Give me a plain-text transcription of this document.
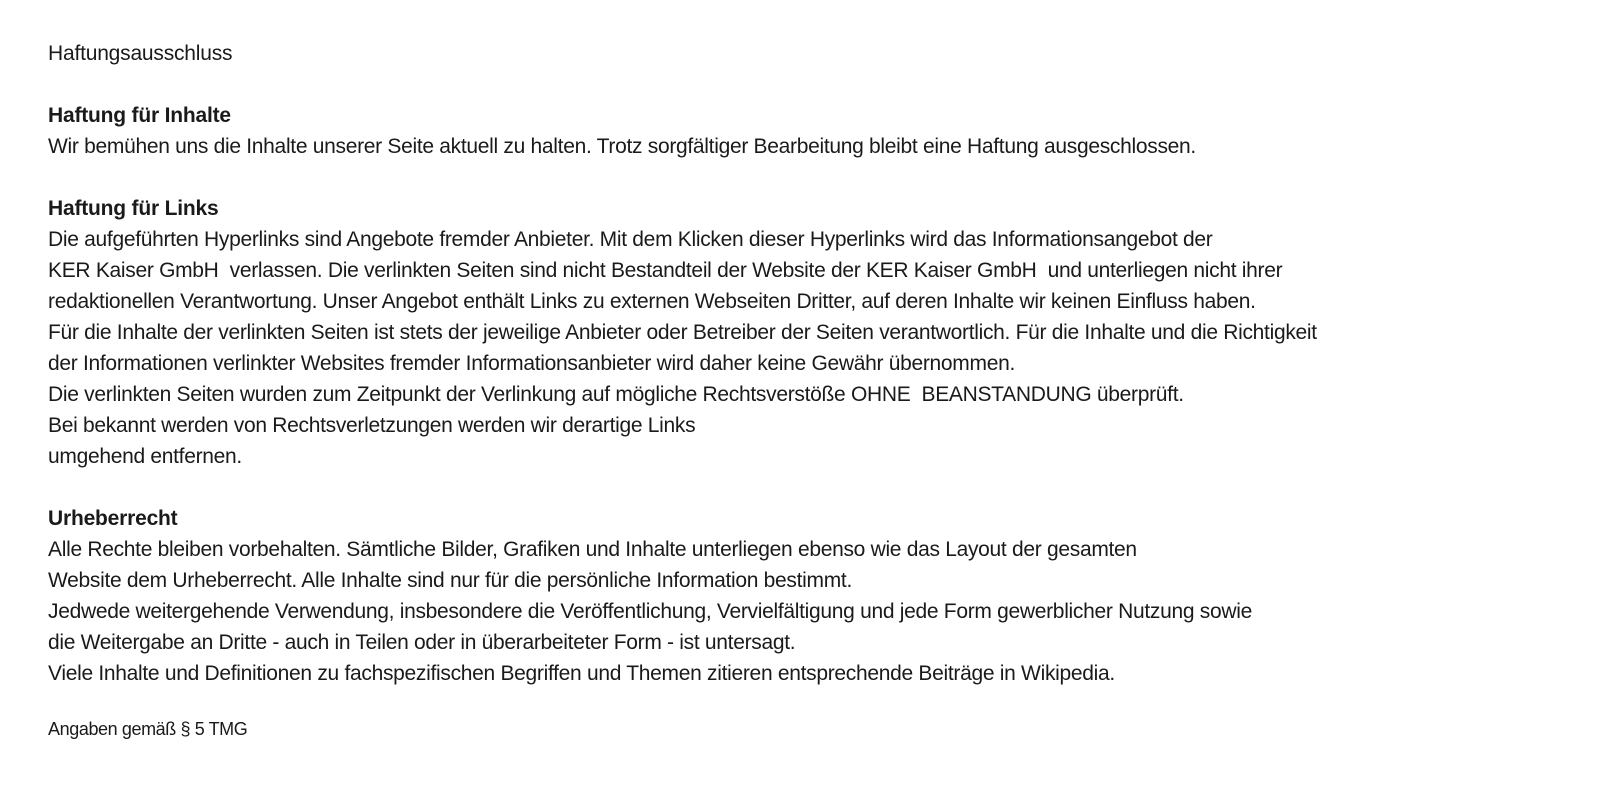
Haftungsausschluss

Haftung für Inhalte

Wir bemühen uns die Inhalte unserer Seite aktuell zu halten. Trotz sorgfältiger Bearbeitung bleibt eine Haftung ausgeschlossen.

Haftung für Links

Die aufgeführten Hyperlinks sind Angebote fremder Anbieter. Mit dem Klicken dieser Hyperlinks wird das Informationsangebot der

KER Kaiser GmbH  verlassen. Die verlinkten Seiten sind nicht Bestandteil der Website der KER Kaiser GmbH  und unterliegen nicht ihrer

redaktionellen Verantwortung. Unser Angebot enthält Links zu externen Webseiten Dritter, auf deren Inhalte wir keinen Einfluss haben.

Für die Inhalte der verlinkten Seiten ist stets der jeweilige Anbieter oder Betreiber der Seiten verantwortlich. Für die Inhalte und die Richtigkeit

der Informationen verlinkter Websites fremder Informationsanbieter wird daher keine Gewähr übernommen.

Die verlinkten Seiten wurden zum Zeitpunkt der Verlinkung auf mögliche Rechtsverstöße OHNE  BEANSTANDUNG überprüft.

Bei bekannt werden von Rechtsverletzungen werden wir derartige Links

umgehend entfernen.

Urheberrecht

Alle Rechte bleiben vorbehalten. Sämtliche Bilder, Grafiken und Inhalte unterliegen ebenso wie das Layout der gesamten

Website dem Urheberrecht. Alle Inhalte sind nur für die persönliche Information bestimmt.

Jedwede weitergehende Verwendung, insbesondere die Veröffentlichung, Vervielfältigung und jede Form gewerblicher Nutzung sowie

die Weitergabe an Dritte - auch in Teilen oder in überarbeiteter Form - ist untersagt.

Viele Inhalte und Definitionen zu fachspezifischen Begriffen und Themen zitieren entsprechende Beiträge in Wikipedia.

Angaben gemäß § 5 TMG
